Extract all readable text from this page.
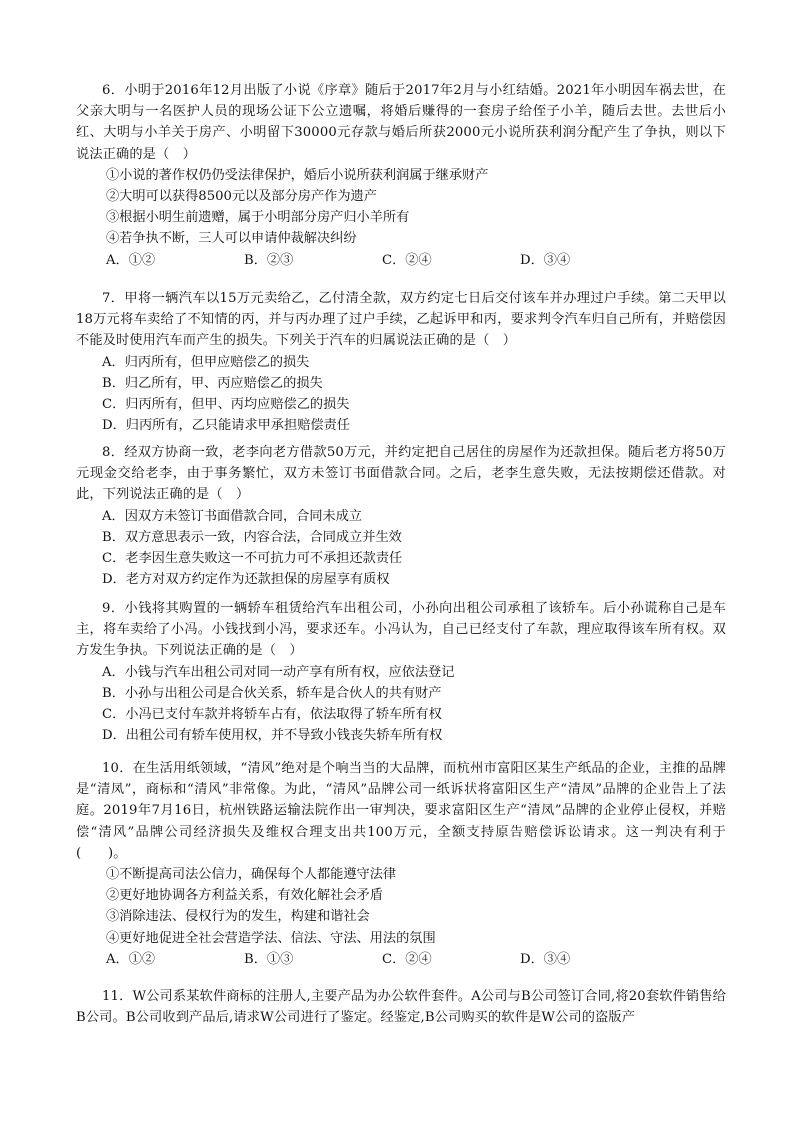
6．小明于2016年12月出版了小说《序章》随后于2017年2月与小红结婚。2021年小明因车祸去世，在父亲大明与一名医护人员的现场公证下公立遗嘱，将婚后赚得的一套房子给侄子小羊，随后去世。去世后小红、大明与小羊关于房产、小明留下30000元存款与婚后所获2000元小说所获利润分配产生了争执，则以下说法正确的是（　）

①小说的著作权仍仍受法律保护，婚后小说所获利润属于继承财产

②大明可以获得8500元以及部分房产作为遗产

③根据小明生前遗赠，属于小明部分房产归小羊所有

④若争执不断，三人可以申请仲裁解决纠纷

A．①②	B．②③	C．②④	D．③④

7．甲将一辆汽车以15万元卖给乙，乙付清全款，双方约定七日后交付该车并办理过户手续。第二天甲以18万元将车卖给了不知情的丙，并与丙办理了过户手续，乙起诉甲和丙，要求判令汽车归自己所有，并赔偿因不能及时使用汽车而产生的损失。下列关于汽车的归属说法正确的是（　）

A．归丙所有，但甲应赔偿乙的损失

B．归乙所有，甲、丙应赔偿乙的损失

C．归丙所有，但甲、丙均应赔偿乙的损失

D．归丙所有，乙只能请求甲承担赔偿责任

8．经双方协商一致，老李向老方借款50万元，并约定把自己居住的房屋作为还款担保。随后老方将50万元现金交给老李，由于事务繁忙，双方未签订书面借款合同。之后，老李生意失败，无法按期偿还借款。对此，下列说法正确的是（　）

A．因双方未签订书面借款合同，合同未成立

B．双方意思表示一致，内容合法，合同成立并生效

C．老李因生意失败这一不可抗力可不承担还款责任

D．老方对双方约定作为还款担保的房屋享有质权

9．小钱将其购置的一辆轿车租赁给汽车出租公司，小孙向出租公司承租了该轿车。后小孙谎称自己是车主，将车卖给了小冯。小钱找到小冯，要求还车。小冯认为，自己已经支付了车款，理应取得该车所有权。双方发生争执。下列说法正确的是（　）

A．小钱与汽车出租公司对同一动产享有所有权，应依法登记

B．小孙与出租公司是合伙关系，轿车是合伙人的共有财产

C．小冯已支付车款并将轿车占有，依法取得了轿车所有权

D．出租公司有轿车使用权，并不导致小钱丧失轿车所有权

10．在生活用纸领域，“清风”绝对是个响当当的大品牌，而杭州市富阳区某生产纸品的企业，主推的品牌是“清凤”，商标和“清风”非常像。为此，“清风”品牌公司一纸诉状将富阳区生产“清凤”品牌的企业告上了法庭。2019年7月16日，杭州铁路运输法院作出一审判决，要求富阳区生产“清凤”品牌的企业停止侵权，并赔偿“清风”品牌公司经济损失及维权合理支出共100万元，全额支持原告赔偿诉讼请求。这一判决有利于(　　)。

①不断提高司法公信力，确保每个人都能遵守法律

②更好地协调各方利益关系，有效化解社会矛盾

③消除违法、侵权行为的发生，构建和谐社会

④更好地促进全社会营造学法、信法、守法、用法的氛围

A．①②	B．①③	C．②④	D．③④

11．W公司系某软件商标的注册人,主要产品为办公软件套件。A公司与B公司签订合同,将20套软件销售给B公司。B公司收到产品后,请求W公司进行了鉴定。经鉴定,B公司购买的软件是W公司的盗版产
